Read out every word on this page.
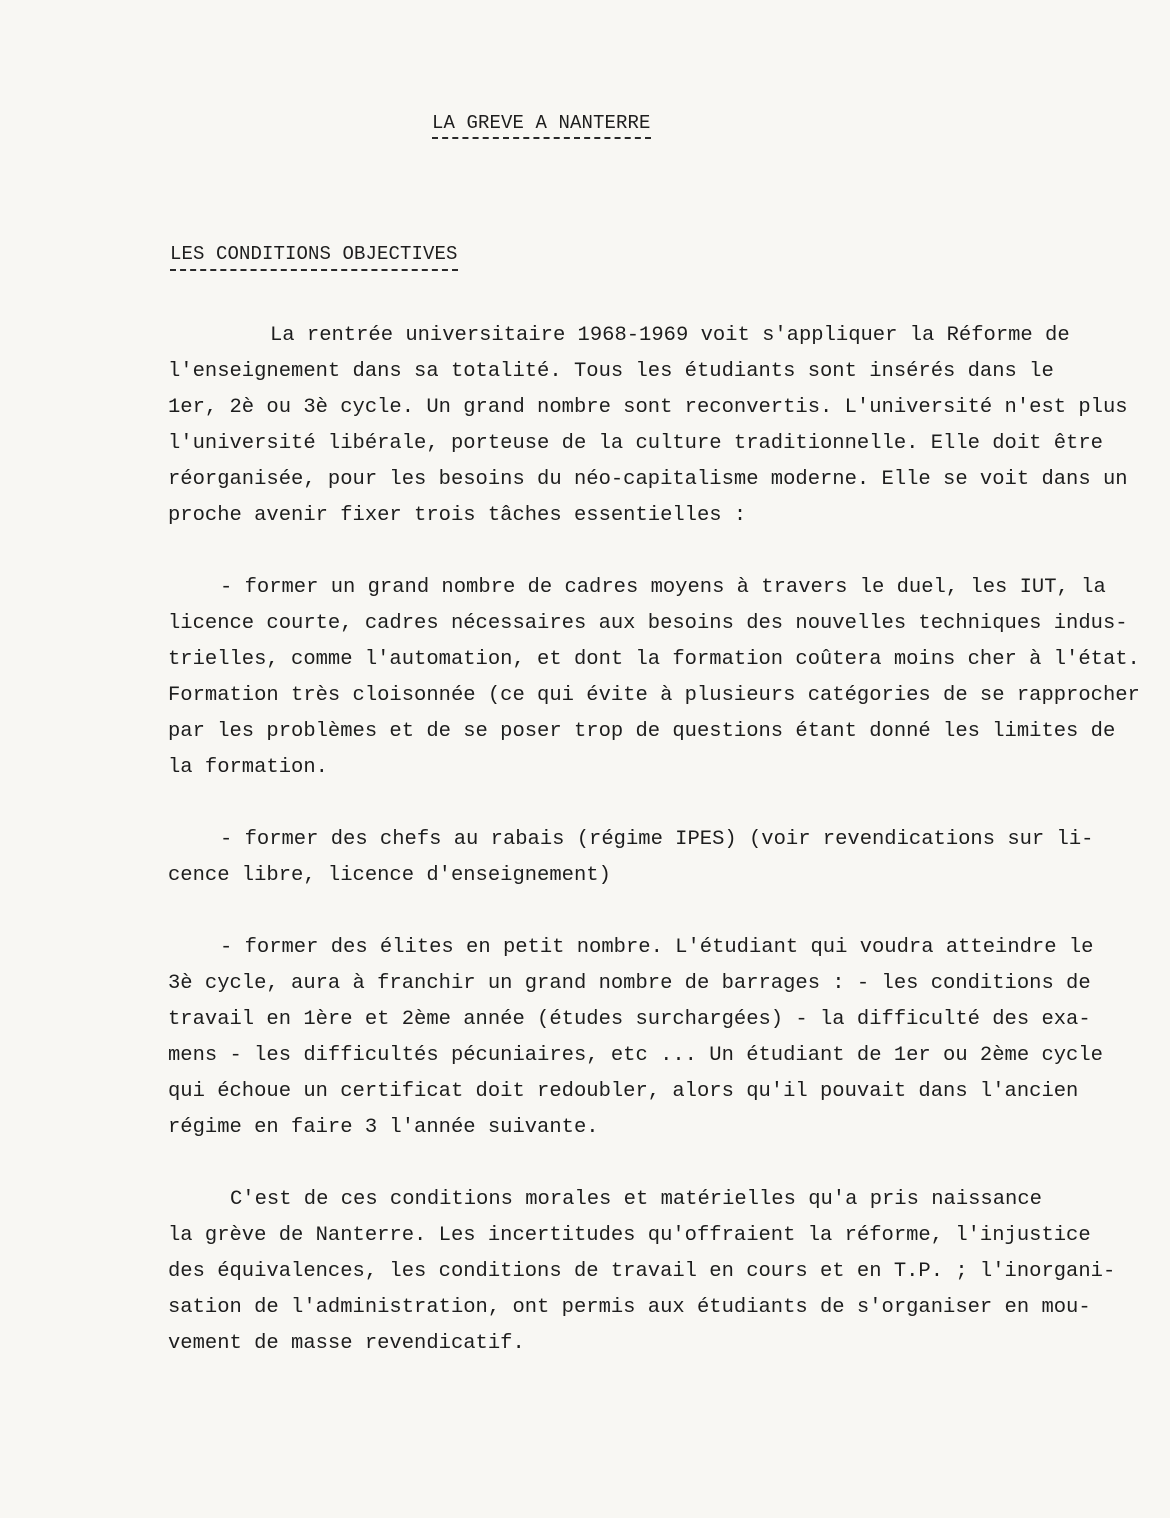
LA GREVE A NANTERRE
LES CONDITIONS OBJECTIVES
La rentrée universitaire 1968-1969 voit s'appliquer la Réforme de
l'enseignement dans sa totalité. Tous les étudiants sont insérés dans le
1er, 2è ou 3è cycle. Un grand nombre sont reconvertis. L'université n'est plus
l'université libérale, porteuse de la culture traditionnelle. Elle doit être
réorganisée, pour les besoins du néo-capitalisme moderne. Elle se voit dans un
proche avenir fixer trois tâches essentielles :
- former un grand nombre de cadres moyens à travers le duel, les IUT, la
licence courte, cadres nécessaires aux besoins des nouvelles techniques indus-
trielles, comme l'automation, et dont la formation coûtera moins cher à l'état.
Formation très cloisonnée (ce qui évite à plusieurs catégories de se rapprocher
par les problèmes et de se poser trop de questions étant donné les limites de
la formation.
- former des chefs au rabais (régime IPES) (voir revendications sur li-
cence libre, licence d'enseignement)
- former des élites en petit nombre. L'étudiant qui voudra atteindre le
3è cycle, aura à franchir un grand nombre de barrages : - les conditions de
travail en 1ère et 2ème année (études surchargées) - la difficulté des exa-
mens - les difficultés pécuniaires, etc ... Un étudiant de 1er ou 2ème cycle
qui échoue un certificat doit redoubler, alors qu'il pouvait dans l'ancien
régime en faire 3 l'année suivante.
C'est de ces conditions morales et matérielles qu'a pris naissance
la grève de Nanterre. Les incertitudes qu'offraient la réforme, l'injustice
des équivalences, les conditions de travail en cours et en T.P. ; l'inorgani-
sation de l'administration, ont permis aux étudiants de s'organiser en mou-
vement de masse revendicatif.
